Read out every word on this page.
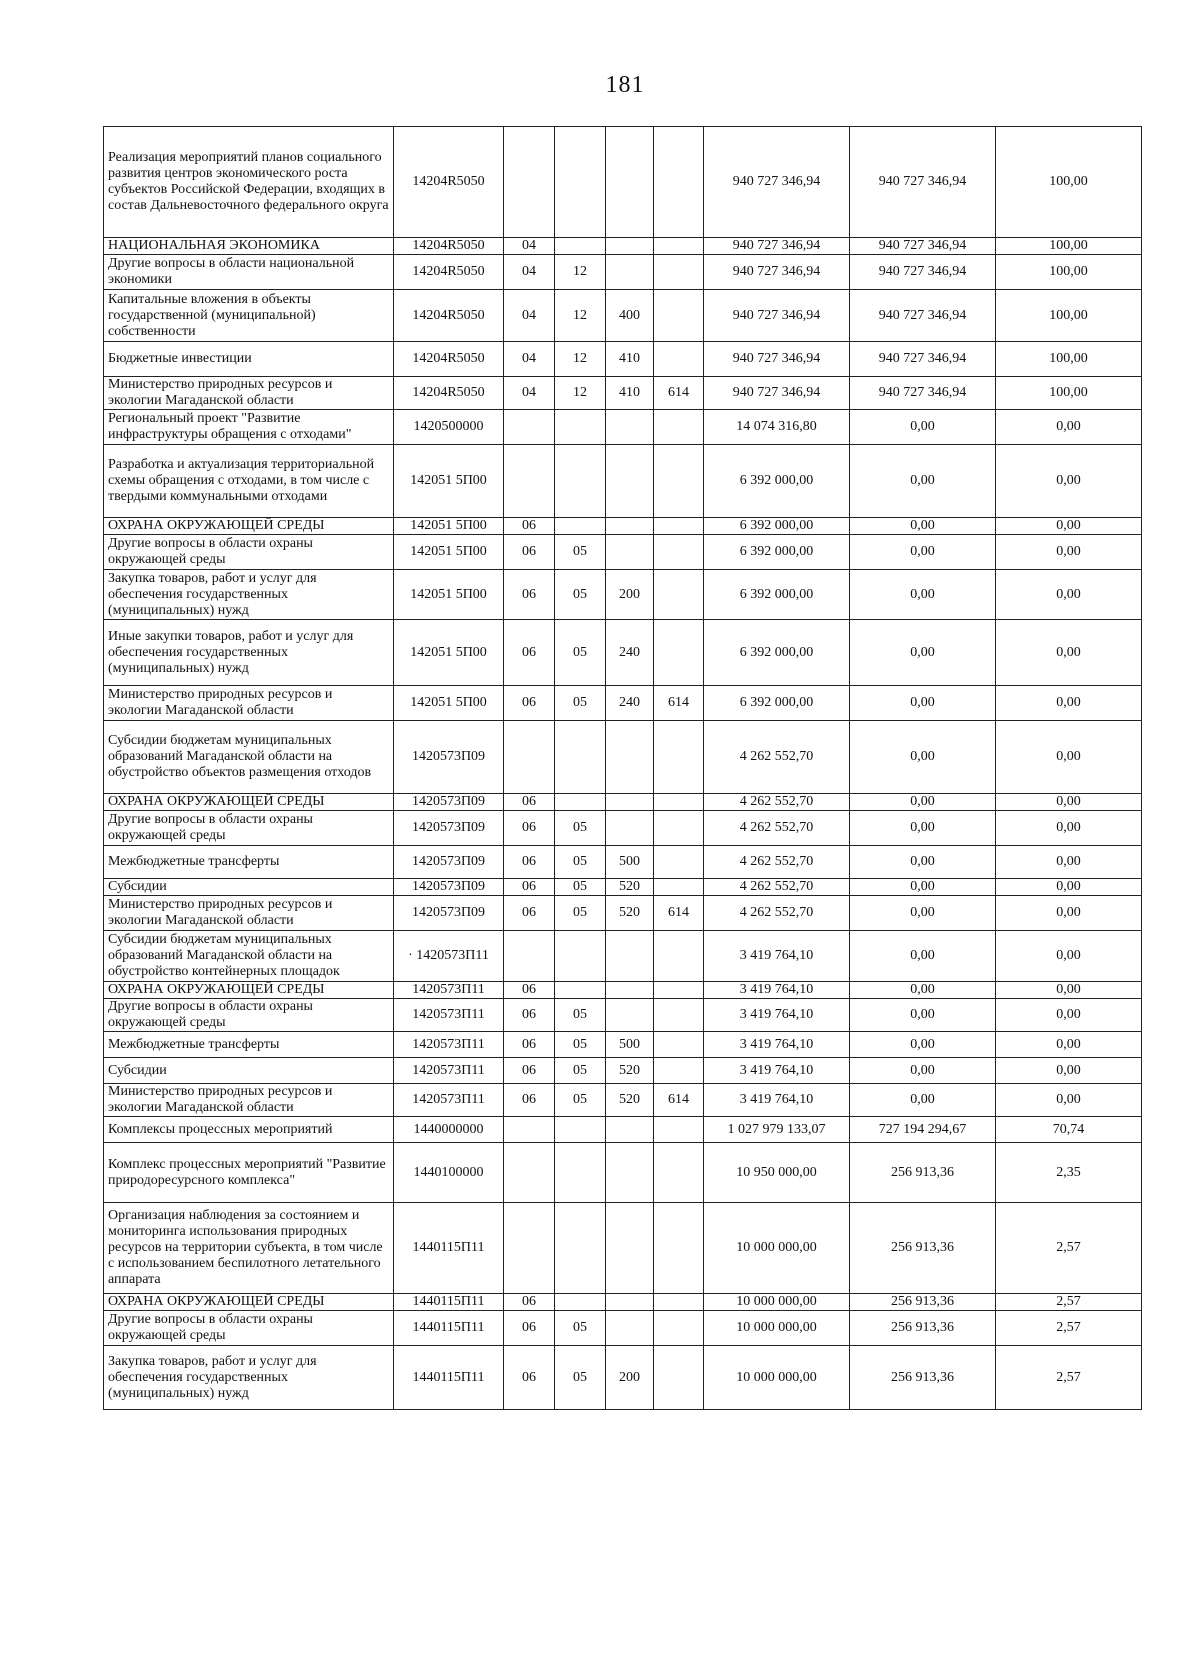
181
Реализация мероприятий планов социального развития центров экономического роста субъектов Российской Федерации, входящих в состав Дальневосточного федерального округа	14204R5050					940 727 346,94	940 727 346,94	100,00
НАЦИОНАЛЬНАЯ ЭКОНОМИКА	14204R5050	04				940 727 346,94	940 727 346,94	100,00
Другие вопросы в области национальной экономики	14204R5050	04	12			940 727 346,94	940 727 346,94	100,00
Капитальные вложения в объекты государственной (муниципальной) собственности	14204R5050	04	12	400		940 727 346,94	940 727 346,94	100,00
Бюджетные инвестиции	14204R5050	04	12	410		940 727 346,94	940 727 346,94	100,00
Министерство природных ресурсов и экологии Магаданской области	14204R5050	04	12	410	614	940 727 346,94	940 727 346,94	100,00
Региональный проект "Развитие инфраструктуры обращения с отходами"	1420500000					14 074 316,80	0,00	0,00
Разработка и актуализация территориальной схемы обращения с отходами, в том числе с твердыми коммунальными отходами	142051 5П00					6 392 000,00	0,00	0,00
ОХРАНА ОКРУЖАЮЩЕЙ СРЕДЫ	142051 5П00	06				6 392 000,00	0,00	0,00
Другие вопросы в области охраны окружающей среды	142051 5П00	06	05			6 392 000,00	0,00	0,00
Закупка товаров, работ и услуг для обеспечения государственных (муниципальных) нужд	142051 5П00	06	05	200		6 392 000,00	0,00	0,00
Иные закупки товаров, работ и услуг для обеспечения государственных (муниципальных) нужд	142051 5П00	06	05	240		6 392 000,00	0,00	0,00
Министерство природных ресурсов и экологии Магаданской области	142051 5П00	06	05	240	614	6 392 000,00	0,00	0,00
Субсидии бюджетам муниципальных образований Магаданской области на обустройство объектов размещения отходов	1420573П09					4 262 552,70	0,00	0,00
ОХРАНА ОКРУЖАЮЩЕЙ СРЕДЫ	1420573П09	06				4 262 552,70	0,00	0,00
Другие вопросы в области охраны окружающей среды	1420573П09	06	05			4 262 552,70	0,00	0,00
Межбюджетные трансферты	1420573П09	06	05	500		4 262 552,70	0,00	0,00
Субсидии	1420573П09	06	05	520		4 262 552,70	0,00	0,00
Министерство природных ресурсов и экологии Магаданской области	1420573П09	06	05	520	614	4 262 552,70	0,00	0,00
Субсидии бюджетам муниципальных образований Магаданской области на обустройство контейнерных площадок	· 1420573П11					3 419 764,10	0,00	0,00
ОХРАНА ОКРУЖАЮЩЕЙ СРЕДЫ	1420573П11	06				3 419 764,10	0,00	0,00
Другие вопросы в области охраны окружающей среды	1420573П11	06	05			3 419 764,10	0,00	0,00
Межбюджетные трансферты	1420573П11	06	05	500		3 419 764,10	0,00	0,00
Субсидии	1420573П11	06	05	520		3 419 764,10	0,00	0,00
Министерство природных ресурсов и экологии Магаданской области	1420573П11	06	05	520	614	3 419 764,10	0,00	0,00
Комплексы процессных мероприятий	1440000000					1 027 979 133,07	727 194 294,67	70,74
Комплекс процессных мероприятий "Развитие природоресурсного комплекса"	1440100000					10 950 000,00	256 913,36	2,35
Организация наблюдения за состоянием и мониторинга использования природных ресурсов на территории субъекта, в том числе с использованием беспилотного летательного аппарата	1440115П11					10 000 000,00	256 913,36	2,57
ОХРАНА ОКРУЖАЮЩЕЙ СРЕДЫ	1440115П11	06				10 000 000,00	256 913,36	2,57
Другие вопросы в области охраны окружающей среды	1440115П11	06	05			10 000 000,00	256 913,36	2,57
Закупка товаров, работ и услуг для обеспечения государственных (муниципальных) нужд	1440115П11	06	05	200		10 000 000,00	256 913,36	2,57
